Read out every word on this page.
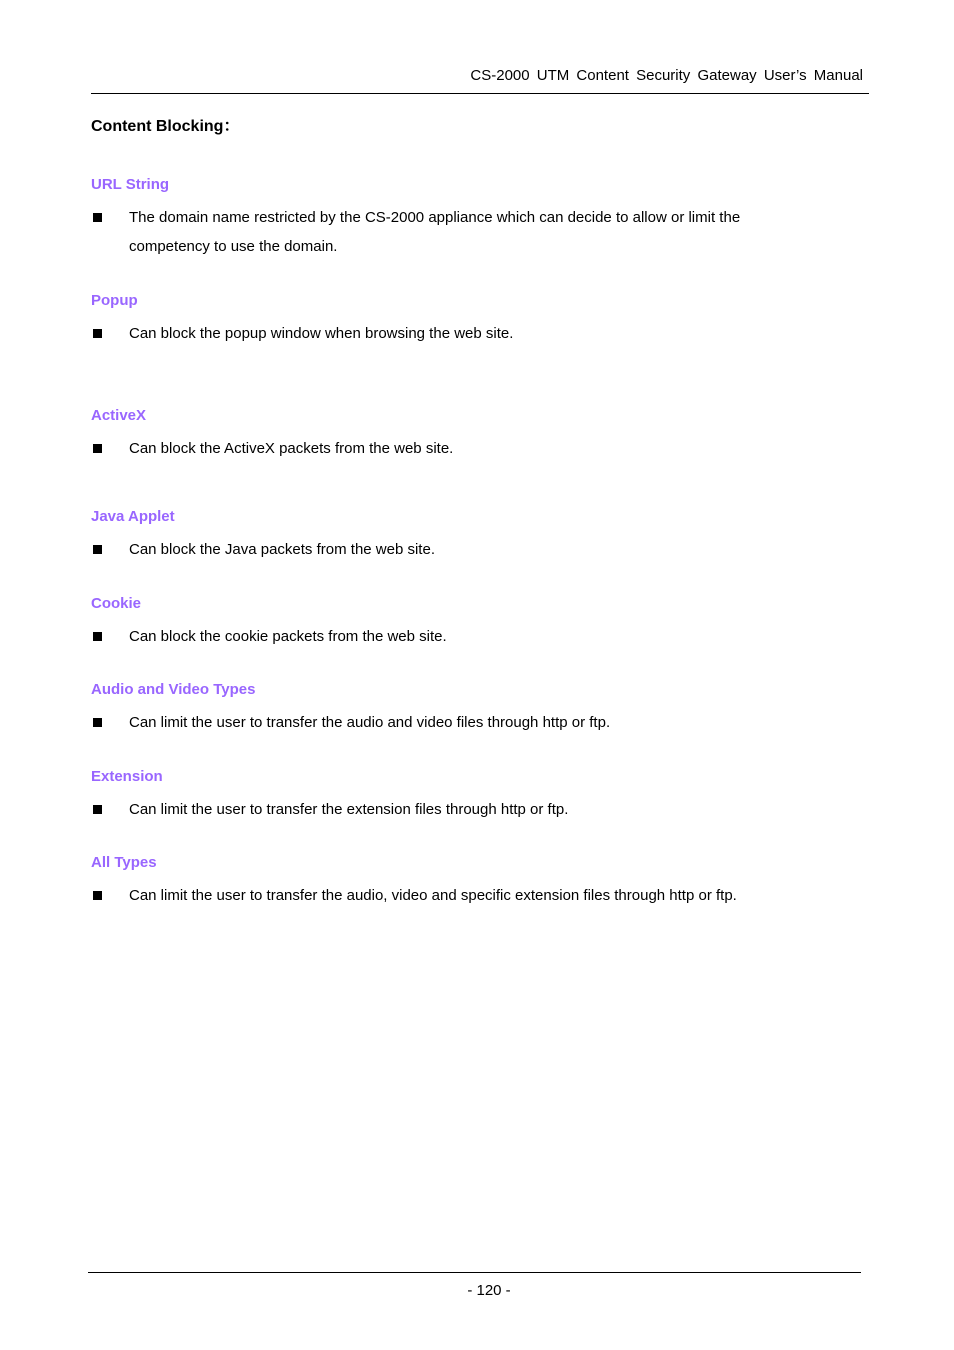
CS-2000 UTM Content Security Gateway User’s Manual
Content Blocking：
URL String
The domain name restricted by the CS-2000 appliance which can decide to allow or limit the
competency to use the domain.
Popup
Can block the popup window when browsing the web site.
ActiveX
Can block the ActiveX packets from the web site.
Java Applet
Can block the Java packets from the web site.
Cookie
Can block the cookie packets from the web site.
Audio and Video Types
Can limit the user to transfer the audio and video files through http or ftp.
Extension
Can limit the user to transfer the extension files through http or ftp.
All Types
Can limit the user to transfer the audio, video and specific extension files through http or ftp.
- 120 -
